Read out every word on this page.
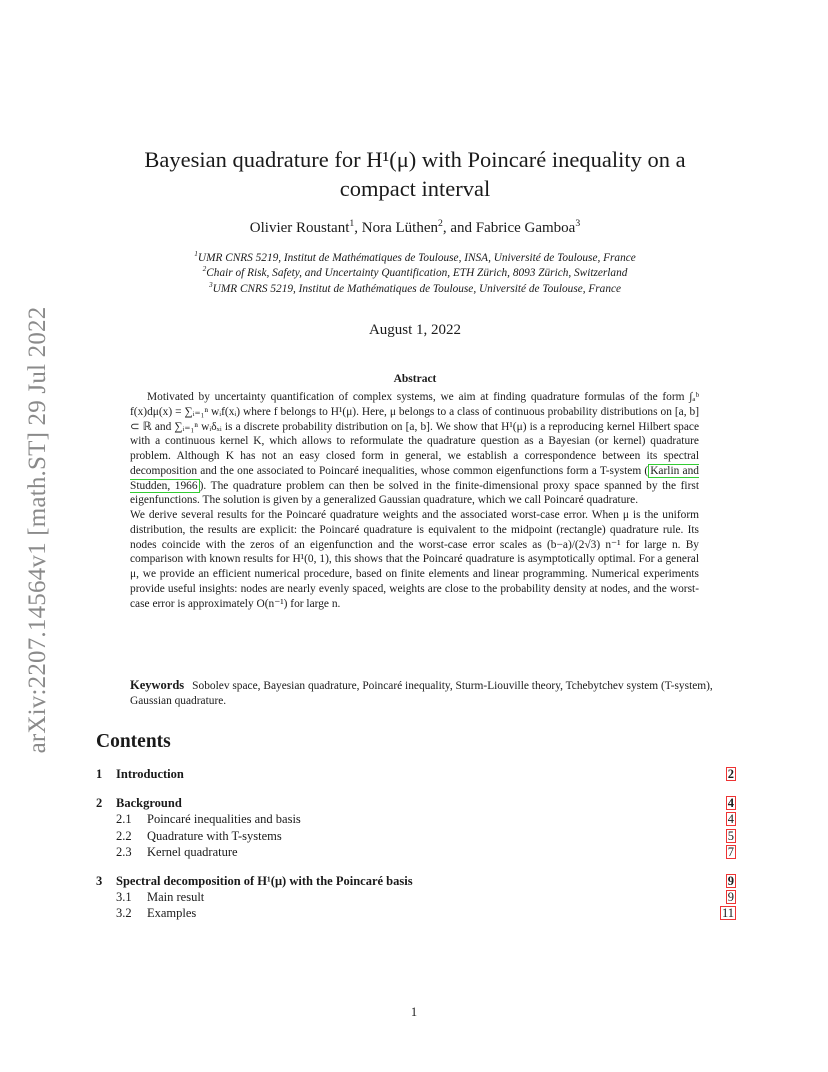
arXiv:2207.14564v1 [math.ST] 29 Jul 2022
Bayesian quadrature for H¹(μ) with Poincaré inequality on a
compact interval
Olivier Roustant$^1$, Nora Lüthen$^2$, and Fabrice Gamboa$^3$
$^1$UMR CNRS 5219, Institut de Mathématiques de Toulouse, INSA, Université de Toulouse, France
$^2$Chair of Risk, Safety, and Uncertainty Quantification, ETH Zürich, 8093 Zürich, Switzerland
$^3$UMR CNRS 5219, Institut de Mathématiques de Toulouse, Université de Toulouse, France
August 1, 2022
Abstract

Motivated by uncertainty quantification of complex systems, we aim at finding quadrature formulas of the form ∫ₐᵇ f(x)dμ(x) = ∑ᵢ₌₁ⁿ wᵢf(xᵢ) where f belongs to H¹(μ). Here, μ belongs to a class of continuous probability distributions on [a, b] ⊂ ℝ and ∑ᵢ₌₁ⁿ wᵢδₓᵢ is a discrete probability distribution on [a, b]. We show that H¹(μ) is a reproducing kernel Hilbert space with a continuous kernel K, which allows to reformulate the quadrature question as a Bayesian (or kernel) quadrature problem. Although K has not an easy closed form in general, we establish a correspondence between its spectral decomposition and the one associated to Poincaré inequalities, whose common eigenfunctions form a T-system ( Karlin and Studden, 1966 ). The quadrature problem can then be solved in the finite-dimensional proxy space spanned by the first eigenfunctions. The solution is given by a generalized Gaussian quadrature, which we call Poincaré quadrature.

We derive several results for the Poincaré quadrature weights and the associated worst-case error. When μ is the uniform distribution, the results are explicit: the Poincaré quadrature is equivalent to the midpoint (rectangle) quadrature rule. Its nodes coincide with the zeros of an eigenfunction and the worst-case error scales as (b−a)/(2√3) n⁻¹ for large n. By comparison with known results for H¹(0, 1), this shows that the Poincaré quadrature is asymptotically optimal. For a general μ, we provide an efficient numerical procedure, based on finite elements and linear programming. Numerical experiments provide useful insights: nodes are nearly evenly spaced, weights are close to the probability density at nodes, and the worst-case error is approximately O(n⁻¹) for large n.

Keywords Sobolev space, Bayesian quadrature, Poincaré inequality, Sturm-Liouville theory, Tchebytchev system (T-system), Gaussian quadrature.
Contents
1 Introduction	2
2 Background	4
2.1 Poincaré inequalities and basis	4
2.2 Quadrature with T-systems	5
2.3 Kernel quadrature	7
3 Spectral decomposition of H¹(μ) with the Poincaré basis	9
3.1 Main result	9
3.2 Examples	11
1
